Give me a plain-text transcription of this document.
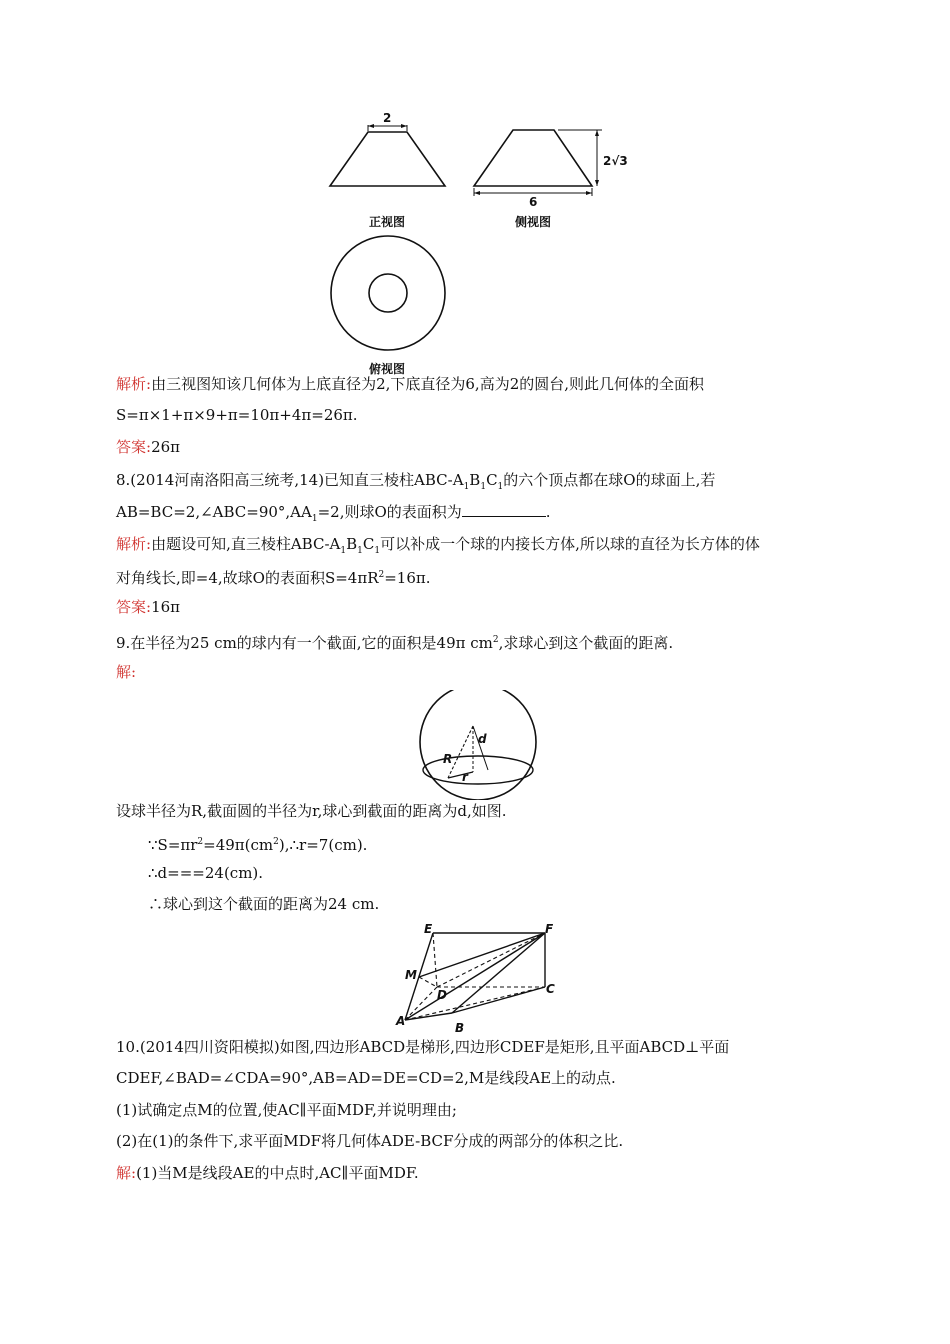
2
2√3
6
正视图	侧视图
俯视图
解析:由三视图知该几何体为上底直径为2,下底直径为6,高为2的圆台,则此几何体的全面积
S=π×1+π×9+π=10π+4π=26π.
答案:26π
8.(2014河南洛阳高三统考,14)已知直三棱柱ABC-$A_1B_1C_1$的六个顶点都在球O的球面上,若
$AB=BC=2,\angle ABC=90^\circ,AA_1=2$,则球O的表面积为	.
解析:由题设可知,直三棱柱ABC-$A_1B_1C_1$可以补成一个球的内接长方体,所以球的直径为长方体的体
对角线长,即=4,故球O的表面积$S=4\pi R^2=16\pi$.
答案:16π
9.在半径为25 cm的球内有一个截面,它的面积是49π $cm^2$,求球心到这个截面的距离.
解:
d
R
r
设球半径为R,截面圆的半径为r,球心到截面的距离为d,如图.
$\because S=\pi r^2=49\pi(cm^2),\therefore r=7(cm)$.
∴d===24(cm).
∴球心到这个截面的距离为24 cm.
E	F
M
D	C
A	B
10.(2014四川资阳模拟)如图,四边形ABCD是梯形,四边形CDEF是矩形,且平面ABCD⊥平面
CDEF,∠BAD=∠CDA=90°,AB=AD=DE=CD=2,M是线段AE上的动点.
(1)试确定点M的位置,使AC∥平面MDF,并说明理由;
(2)在(1)的条件下,求平面MDF将几何体ADE-BCF分成的两部分的体积之比.
解:(1)当M是线段AE的中点时,AC∥平面MDF.
